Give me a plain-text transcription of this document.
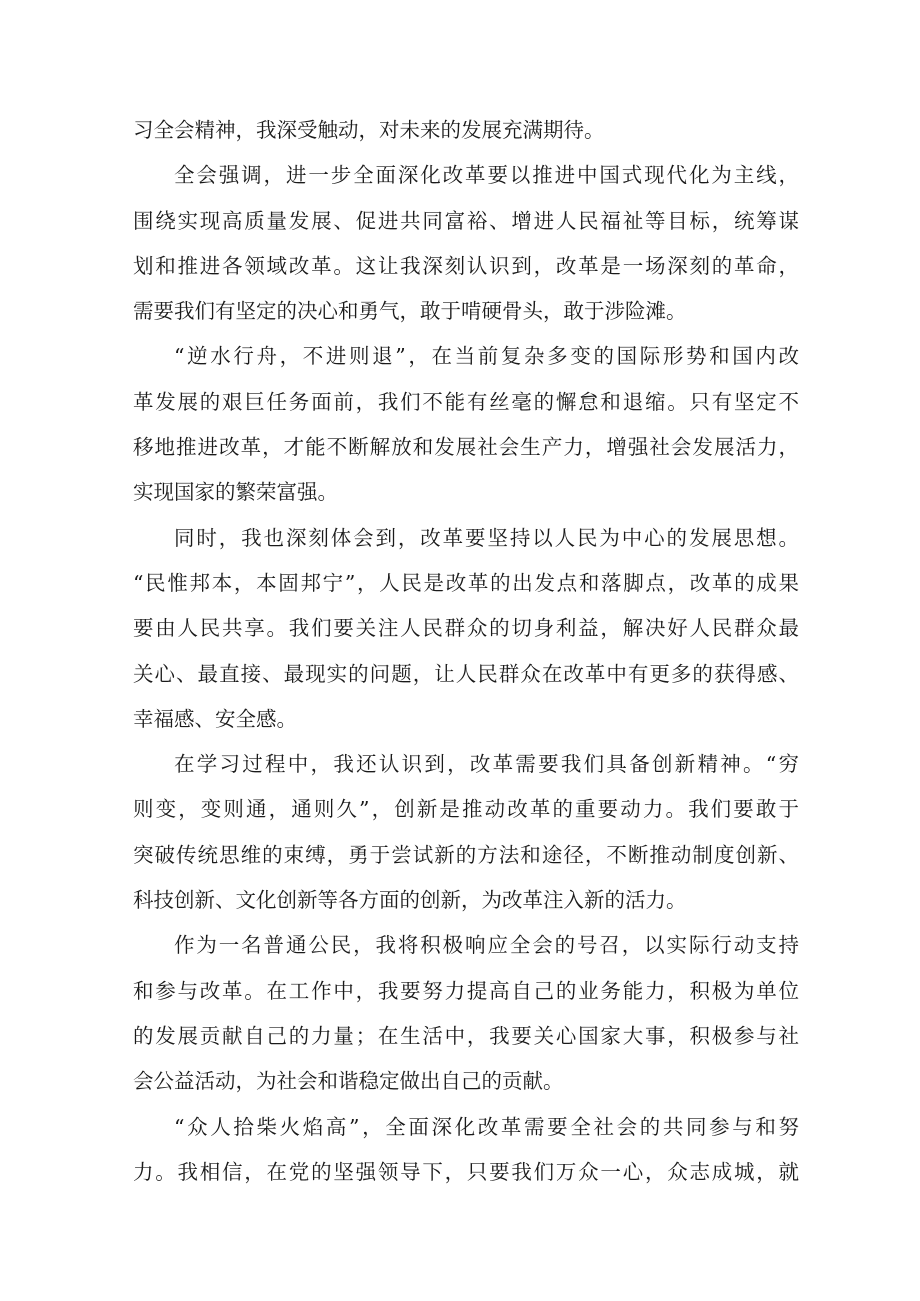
习全会精神，我深受触动，对未来的发展充满期待。
全会强调，进一步全面深化改革要以推进中国式现代化为主线，
围绕实现高质量发展、促进共同富裕、增进人民福祉等目标，统筹谋
划和推进各领域改革。这让我深刻认识到，改革是一场深刻的革命，
需要我们有坚定的决心和勇气，敢于啃硬骨头，敢于涉险滩。
“逆水行舟，不进则退”，在当前复杂多变的国际形势和国内改
革发展的艰巨任务面前，我们不能有丝毫的懈怠和退缩。只有坚定不
移地推进改革，才能不断解放和发展社会生产力，增强社会发展活力，
实现国家的繁荣富强。
同时，我也深刻体会到，改革要坚持以人民为中心的发展思想。
“民惟邦本，本固邦宁”，人民是改革的出发点和落脚点，改革的成果
要由人民共享。我们要关注人民群众的切身利益，解决好人民群众最
关心、最直接、最现实的问题，让人民群众在改革中有更多的获得感、
幸福感、安全感。
在学习过程中，我还认识到，改革需要我们具备创新精神。“穷
则变，变则通，通则久”，创新是推动改革的重要动力。我们要敢于
突破传统思维的束缚，勇于尝试新的方法和途径，不断推动制度创新、
科技创新、文化创新等各方面的创新，为改革注入新的活力。
作为一名普通公民，我将积极响应全会的号召，以实际行动支持
和参与改革。在工作中，我要努力提高自己的业务能力，积极为单位
的发展贡献自己的力量；在生活中，我要关心国家大事，积极参与社
会公益活动，为社会和谐稳定做出自己的贡献。
“众人拾柴火焰高”，全面深化改革需要全社会的共同参与和努
力。我相信，在党的坚强领导下，只要我们万众一心，众志成城，就
